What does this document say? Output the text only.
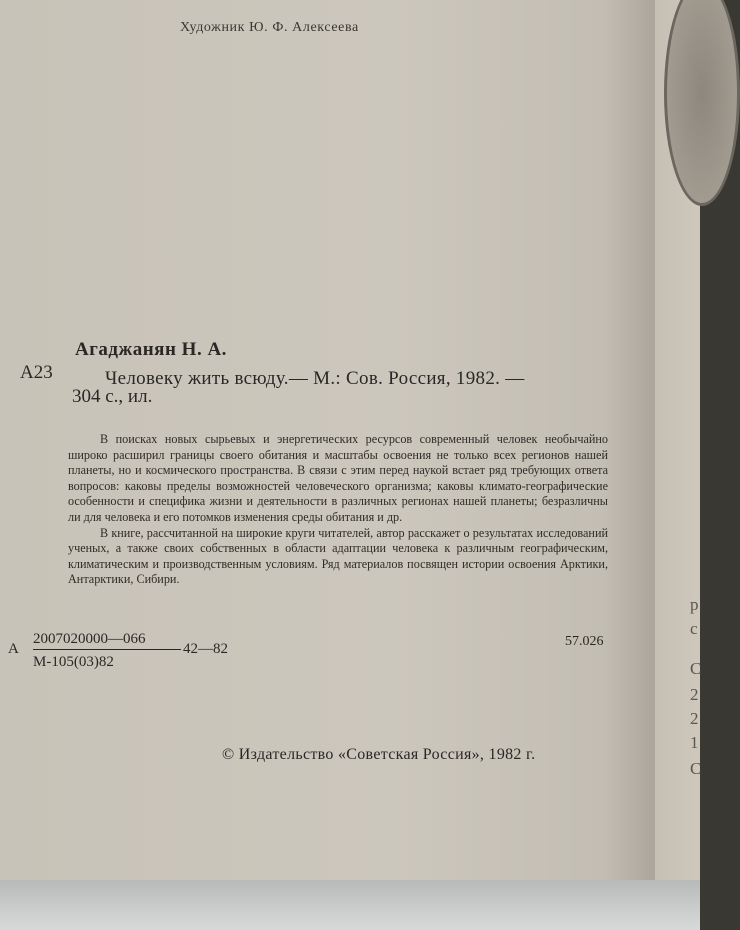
р
с
С
2
2
1
С
Художник Ю. Ф. Алексеева
Агаджанян Н. А.
А23	Человеку жить всюду.— М.: Сов. Россия, 1982. —
304 с., ил.

В поисках новых сырьевых и энергетических ресурсов современный человек необычайно широко расширил границы своего обитания и масштабы освоения не только всех регионов нашей планеты, но и космического пространства. В связи с этим перед наукой встает ряд требующих ответа вопросов: каковы пределы возможностей человеческого организма; каковы климато-географические особенности и специфика жизни и деятельности в различных регионах нашей планеты; безразличны ли для человека и его потомков изменения среды обитания и др.

В книге, рассчитанной на широкие круги читателей, автор расскажет о результатах исследований ученых, а также своих собственных в области адаптации человека к различным географическим, климатическим и производственным условиям. Ряд материалов посвящен истории освоения Арктики, Антарктики, Сибири.

А
2007020000—066
М-105(03)82
42—82	57.026
© Издательство «Советская Россия», 1982 г.
